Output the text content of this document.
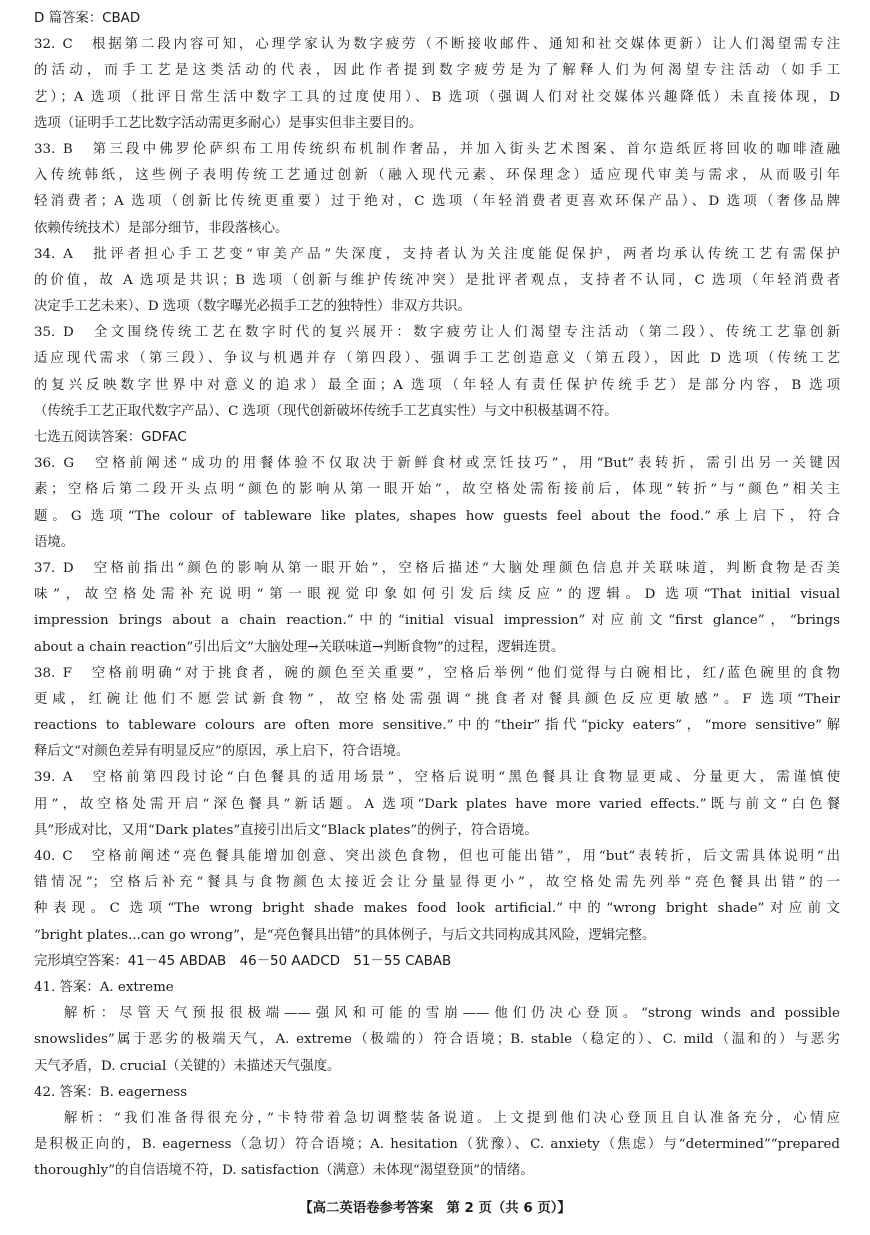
D 篇答案：CBAD
32. C　根据第二段内容可知，心理学家认为数字疲劳（不断接收邮件、通知和社交媒体更新）让人们渴望需专注
的活动，而手工艺是这类活动的代表，因此作者提到数字疲劳是为了解释人们为何渴望专注活动（如手工
艺）；A 选项（批评日常生活中数字工具的过度使用）、B 选项（强调人们对社交媒体兴趣降低）未直接体现，D
选项（证明手工艺比数字活动需更多耐心）是事实但非主要目的。
33. B　第三段中佛罗伦萨织布工用传统织布机制作奢品，并加入街头艺术图案、首尔造纸匠将回收的咖啡渣融
入传统韩纸，这些例子表明传统工艺通过创新（融入现代元素、环保理念）适应现代审美与需求，从而吸引年
轻消费者；A 选项（创新比传统更重要）过于绝对，C 选项（年轻消费者更喜欢环保产品）、D 选项（奢侈品牌
依赖传统技术）是部分细节，非段落核心。
34. A　批评者担心手工艺变“审美产品”失深度，支持者认为关注度能促保护，两者均承认传统工艺有需保护
的价值，故 A 选项是共识；B 选项（创新与维护传统冲突）是批评者观点，支持者不认同，C 选项（年轻消费者
决定手工艺未来）、D 选项（数字曝光必损手工艺的独特性）非双方共识。
35. D　全文围绕传统工艺在数字时代的复兴展开：数字疲劳让人们渴望专注活动（第二段）、传统工艺靠创新
适应现代需求（第三段）、争议与机遇并存（第四段）、强调手工艺创造意义（第五段），因此 D 选项（传统工艺
的复兴反映数字世界中对意义的追求）最全面；A 选项（年轻人有责任保护传统手艺）是部分内容，B 选项
（传统手工艺正取代数字产品）、C 选项（现代创新破坏传统手工艺真实性）与文中积极基调不符。
七选五阅读答案：GDFAC
36. G　空格前阐述“成功的用餐体验不仅取决于新鲜食材或烹饪技巧”，用“But”表转折，需引出另一关键因
素；空格后第二段开头点明“颜色的影响从第一眼开始”，故空格处需衔接前后，体现“转折”与“颜色”相关主
题。G 选项“The colour of tableware like plates, shapes how guests feel about the food.”承上启下，符合
语境。
37. D　空格前指出“颜色的影响从第一眼开始”，空格后描述“大脑处理颜色信息并关联味道，判断食物是否美
味”，故空格处需补充说明“第一眼视觉印象如何引发后续反应”的逻辑。D 选项“That initial visual
impression brings about a chain reaction.”中的“initial visual impression”对应前文“first glance”，“brings
about a chain reaction”引出后文“大脑处理→关联味道→判断食物”的过程，逻辑连贯。
38. F　空格前明确“对于挑食者，碗的颜色至关重要”，空格后举例“他们觉得与白碗相比，红/蓝色碗里的食物
更咸，红碗让他们不愿尝试新食物”，故空格处需强调“挑食者对餐具颜色反应更敏感”。F 选项“Their
reactions to tableware colours are often more sensitive.”中的“their”指代“picky eaters”，“more sensitive”解
释后文“对颜色差异有明显反应”的原因，承上启下，符合语境。
39. A　空格前第四段讨论“白色餐具的适用场景”，空格后说明“黑色餐具让食物显更咸、分量更大，需谨慎使
用”，故空格处需开启“深色餐具”新话题。A 选项“Dark plates have more varied effects.”既与前文“白色餐
具”形成对比，又用“Dark plates”直接引出后文“Black plates”的例子，符合语境。
40. C　空格前阐述“亮色餐具能增加创意、突出淡色食物，但也可能出错”，用“but”表转折，后文需具体说明“出
错情况”；空格后补充“餐具与食物颜色太接近会让分量显得更小”，故空格处需先列举“亮色餐具出错”的一
种表现。C 选项“The wrong bright shade makes food look artificial.”中的“wrong bright shade”对应前文
“bright plates...can go wrong”，是“亮色餐具出错”的具体例子，与后文共同构成其风险，逻辑完整。
完形填空答案：41－45 ABDAB　46－50 AADCD　51－55 CABAB
41. 答案：A. extreme
解析：尽管天气预报很极端——强风和可能的雪崩——他们仍决心登顶。“strong winds and possible
snowslides”属于恶劣的极端天气，A. extreme（极端的）符合语境；B. stable（稳定的）、C. mild（温和的）与恶劣
天气矛盾，D. crucial（关键的）未描述天气强度。
42. 答案：B. eagerness
解析：“我们准备得很充分，”卡特带着急切调整装备说道。上文提到他们决心登顶且自认准备充分，心情应
是积极正向的，B. eagerness（急切）符合语境；A. hesitation（犹豫）、C. anxiety（焦虑）与“determined”“prepared
thoroughly”的自信语境不符，D. satisfaction（满意）未体现“渴望登顶”的情绪。
【高二英语卷参考答案　第 2 页（共 6 页）】
